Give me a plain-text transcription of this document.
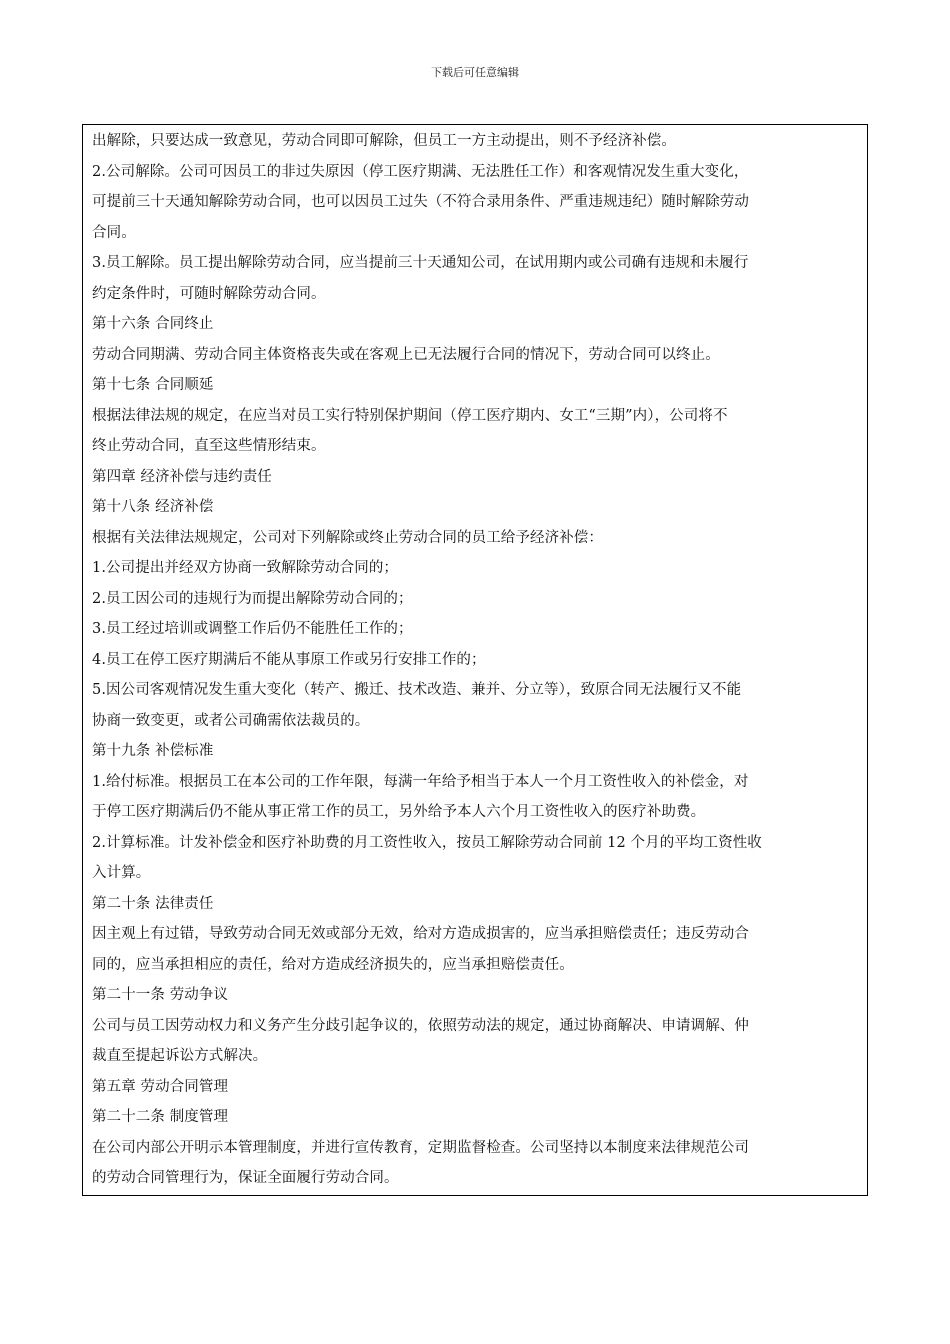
下载后可任意编辑
出解除，只要达成一致意见，劳动合同即可解除，但员工一方主动提出，则不予经济补偿。
2.公司解除。公司可因员工的非过失原因（停工医疗期满、无法胜任工作）和客观情况发生重大变化，
可提前三十天通知解除劳动合同，也可以因员工过失（不符合录用条件、严重违规违纪）随时解除劳动
合同。
3.员工解除。员工提出解除劳动合同，应当提前三十天通知公司，在试用期内或公司确有违规和未履行
约定条件时，可随时解除劳动合同。
第十六条 合同终止
劳动合同期满、劳动合同主体资格丧失或在客观上已无法履行合同的情况下，劳动合同可以终止。
第十七条 合同顺延
根据法律法规的规定，在应当对员工实行特别保护期间（停工医疗期内、女工“三期”内），公司将不
终止劳动合同，直至这些情形结束。
第四章 经济补偿与违约责任
第十八条 经济补偿
根据有关法律法规规定，公司对下列解除或终止劳动合同的员工给予经济补偿：
1.公司提出并经双方协商一致解除劳动合同的；
2.员工因公司的违规行为而提出解除劳动合同的；
3.员工经过培训或调整工作后仍不能胜任工作的；
4.员工在停工医疗期满后不能从事原工作或另行安排工作的；
5.因公司客观情况发生重大变化（转产、搬迁、技术改造、兼并、分立等），致原合同无法履行又不能
协商一致变更，或者公司确需依法裁员的。
第十九条 补偿标准
1.给付标准。根据员工在本公司的工作年限，每满一年给予相当于本人一个月工资性收入的补偿金，对
于停工医疗期满后仍不能从事正常工作的员工，另外给予本人六个月工资性收入的医疗补助费。
2.计算标准。计发补偿金和医疗补助费的月工资性收入，按员工解除劳动合同前 12 个月的平均工资性收
入计算。
第二十条 法律责任
因主观上有过错，导致劳动合同无效或部分无效，给对方造成损害的，应当承担赔偿责任；违反劳动合
同的，应当承担相应的责任，给对方造成经济损失的，应当承担赔偿责任。
第二十一条 劳动争议
公司与员工因劳动权力和义务产生分歧引起争议的，依照劳动法的规定，通过协商解决、申请调解、仲
裁直至提起诉讼方式解决。
第五章 劳动合同管理
第二十二条 制度管理
在公司内部公开明示本管理制度，并进行宣传教育，定期监督检查。公司坚持以本制度来法律规范公司
的劳动合同管理行为，保证全面履行劳动合同。
